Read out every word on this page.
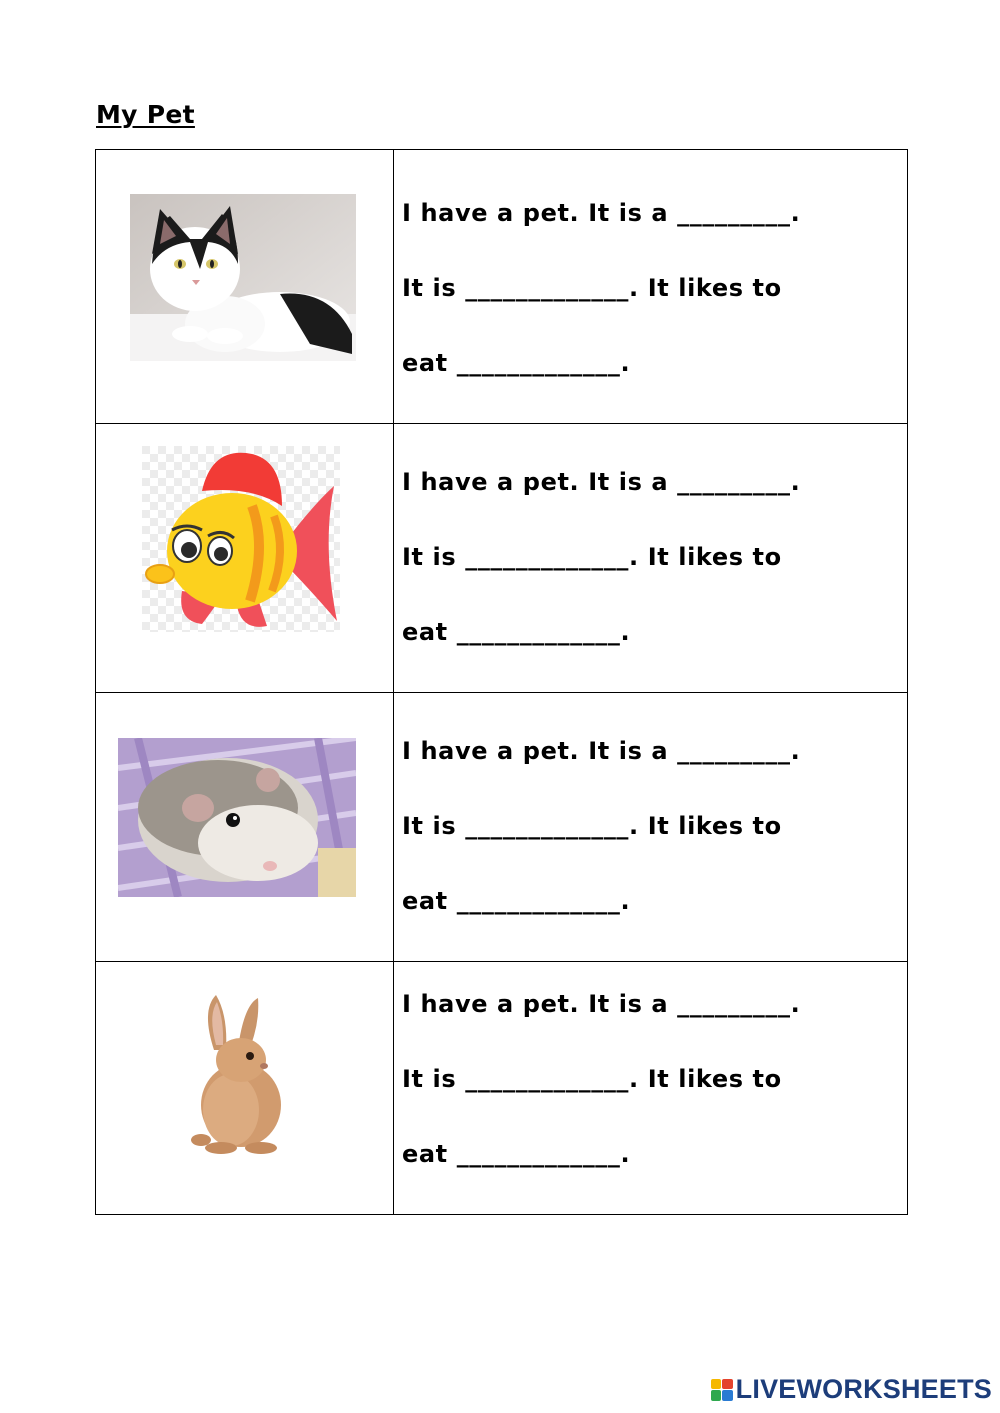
My Pet

I have a pet. It is a _________.
It is _____________. It likes to
eat _____________.

I have a pet. It is a _________.
It is _____________. It likes to
eat _____________.

I have a pet. It is a _________.
It is _____________. It likes to
eat _____________.

I have a pet. It is a _________.
It is _____________. It likes to
eat _____________.
LIVEWORKSHEETS
